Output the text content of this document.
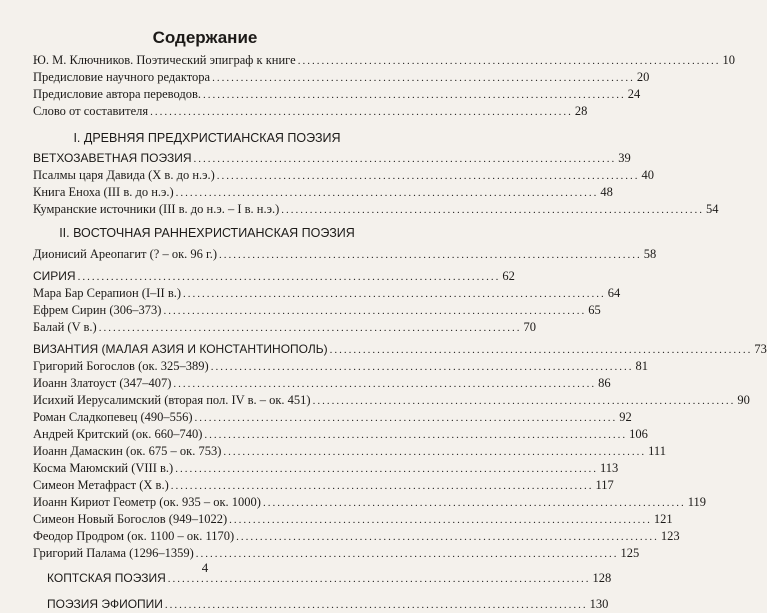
Содержание
Ю. М. Ключников. Поэтический эпиграф к книге ......................................................................................... 10
Предисловие научного редактора ......................................................................................... 20
Предисловие автора переводов. ......................................................................................... 24
Слово от составителя ......................................................................................... 28
I. ДРЕВНЯЯ ПРЕДХРИСТИАНСКАЯ ПОЭЗИЯ
ВЕТХОЗАВЕТНАЯ ПОЭЗИЯ ......................................................................................... 39
Псалмы царя Давида (X в. до н.э.) ......................................................................................... 40
Книга Еноха (III в. до н.э.) ......................................................................................... 48
Кумранские источники (III в. до н.э. – I в. н.э.) ......................................................................................... 54
II. ВОСТОЧНАЯ РАННЕХРИСТИАНСКАЯ ПОЭЗИЯ
Дионисий Ареопагит (? – ок. 96 г.) ......................................................................................... 58
СИРИЯ ......................................................................................... 62
Мара Бар Серапион (I–II в.) ......................................................................................... 64
Ефрем Сирин (306–373) ......................................................................................... 65
Балай (V в.) ......................................................................................... 70
ВИЗАНТИЯ (МАЛАЯ АЗИЯ И КОНСТАНТИНОПОЛЬ) ......................................................................................... 73
Григорий Богослов (ок. 325–389) ......................................................................................... 81
Иоанн Златоуст (347–407) ......................................................................................... 86
Исихий Иерусалимский (вторая пол. IV в. – ок. 451) ......................................................................................... 90
Роман Сладкопевец (490–556) ......................................................................................... 92
Андрей Критский (ок. 660–740) ......................................................................................... 106
Иоанн Дамаскин (ок. 675 – ок. 753) ......................................................................................... 111
Косма Маюмский (VIII в.) ......................................................................................... 113
Симеон Метафраст (X в.) ......................................................................................... 117
Иоанн Кириот Геометр (ок. 935 – ок. 1000) ......................................................................................... 119
Симеон Новый Богослов (949–1022) ......................................................................................... 121
Феодор Продром (ок. 1100 – ок. 1170) ......................................................................................... 123
Григорий Палама (1296–1359) ......................................................................................... 125
КОПТСКАЯ ПОЭЗИЯ ......................................................................................... 128
ПОЭЗИЯ ЭФИОПИИ ......................................................................................... 130
4
